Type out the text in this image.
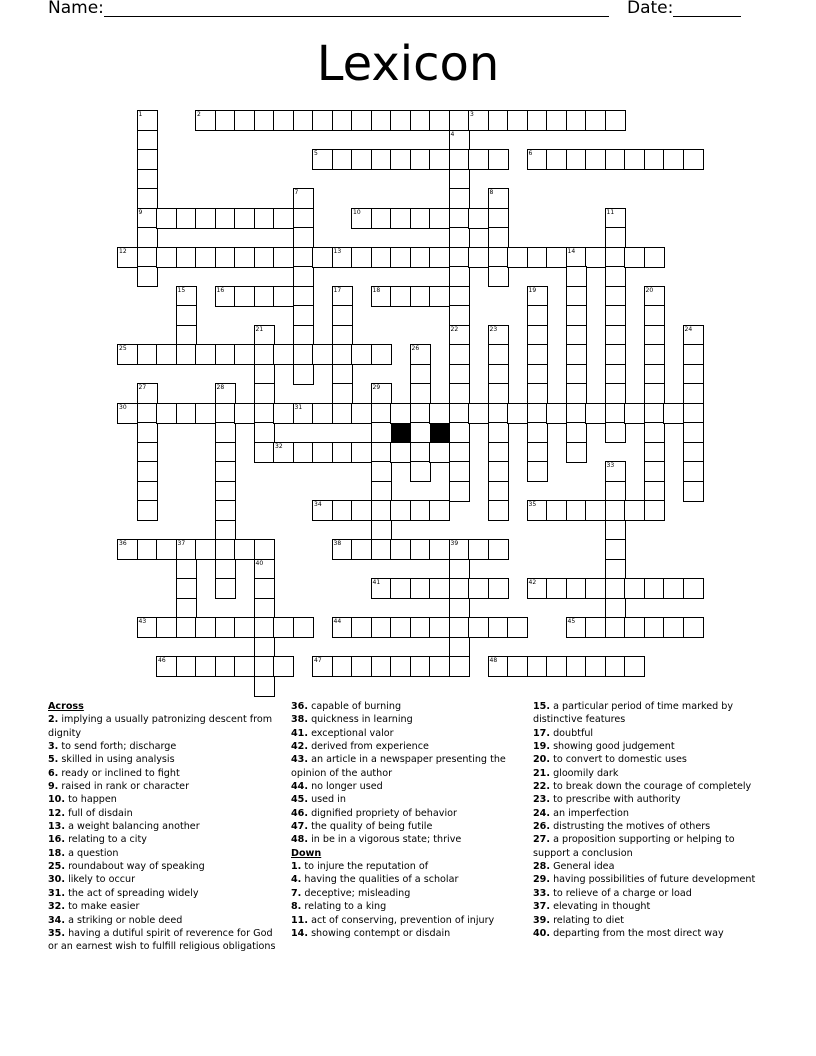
Name:	Date:
Lexicon
1	2	3
4
5	6
7	8
9	10	11
12	13	14
15	16	17	18	19	20
21	22	23	24
25	26
27	28	29
30	31
32
33
34	35
36	37	38	39
40
41	42
43	44	45
46	47	48
Across
2. implying a usually patronizing descent from dignity
3. to send forth; discharge
5. skilled in using analysis
6. ready or inclined to fight
9. raised in rank or character
10. to happen
12. full of disdain
13. a weight balancing another
16. relating to a city
18. a question
25. roundabout way of speaking
30. likely to occur
31. the act of spreading widely
32. to make easier
34. a striking or noble deed
35. having a dutiful spirit of reverence for God or an earnest wish to fulfill religious obligations
36. capable of burning
38. quickness in learning
41. exceptional valor
42. derived from experience
43. an article in a newspaper presenting the opinion of the author
44. no longer used
45. used in
46. dignified propriety of behavior
47. the quality of being futile
48. in be in a vigorous state; thrive
Down
1. to injure the reputation of
4. having the qualities of a scholar
7. deceptive; misleading
8. relating to a king
11. act of conserving, prevention of injury
14. showing contempt or disdain
15. a particular period of time marked by distinctive features
17. doubtful
19. showing good judgement
20. to convert to domestic uses
21. gloomily dark
22. to break down the courage of completely
23. to prescribe with authority
24. an imperfection
26. distrusting the motives of others
27. a proposition supporting or helping to support a conclusion
28. General idea
29. having possibilities of future development
33. to relieve of a charge or load
37. elevating in thought
39. relating to diet
40. departing from the most direct way
